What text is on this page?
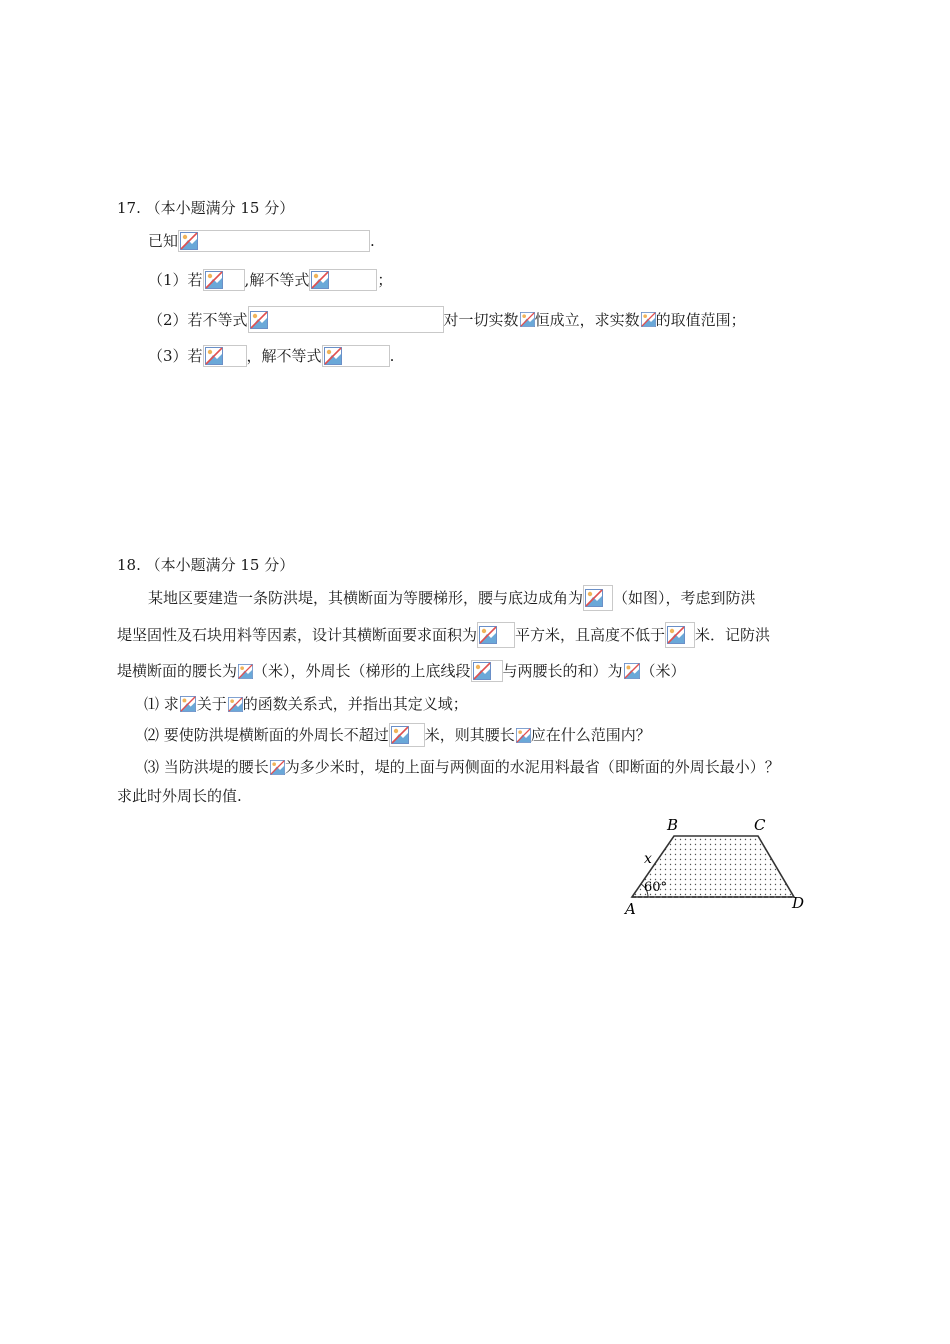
17. （本小题满分 15 分）
已知	.
（1）若	,解不等式	；
（2）若不等式	对一切实数 恒成立，求实数 的取值范围；
（3）若	，解不等式	.
18. （本小题满分 15 分）
某地区要建造一条防洪堤，其横断面为等腰梯形，腰与底边成角为 （如图），考虑到防洪
堤坚固性及石块用料等因素，设计其横断面要求面积为	平方米，且高度不低于 米．记防洪
堤横断面的腰长为 （米），外周长（梯形的上底线段 与两腰长的和）为 （米）
⑴ 求 关于 的函数关系式，并指出其定义域；
⑵ 要使防洪堤横断面的外周长不超过 米，则其腰长 应在什么范围内？
⑶ 当防洪堤的腰长 为多少米时，堤的上面与两侧面的水泥用料最省（即断面的外周长最小）？
求此时外周长的值.
B	C
A	D
x
60°
